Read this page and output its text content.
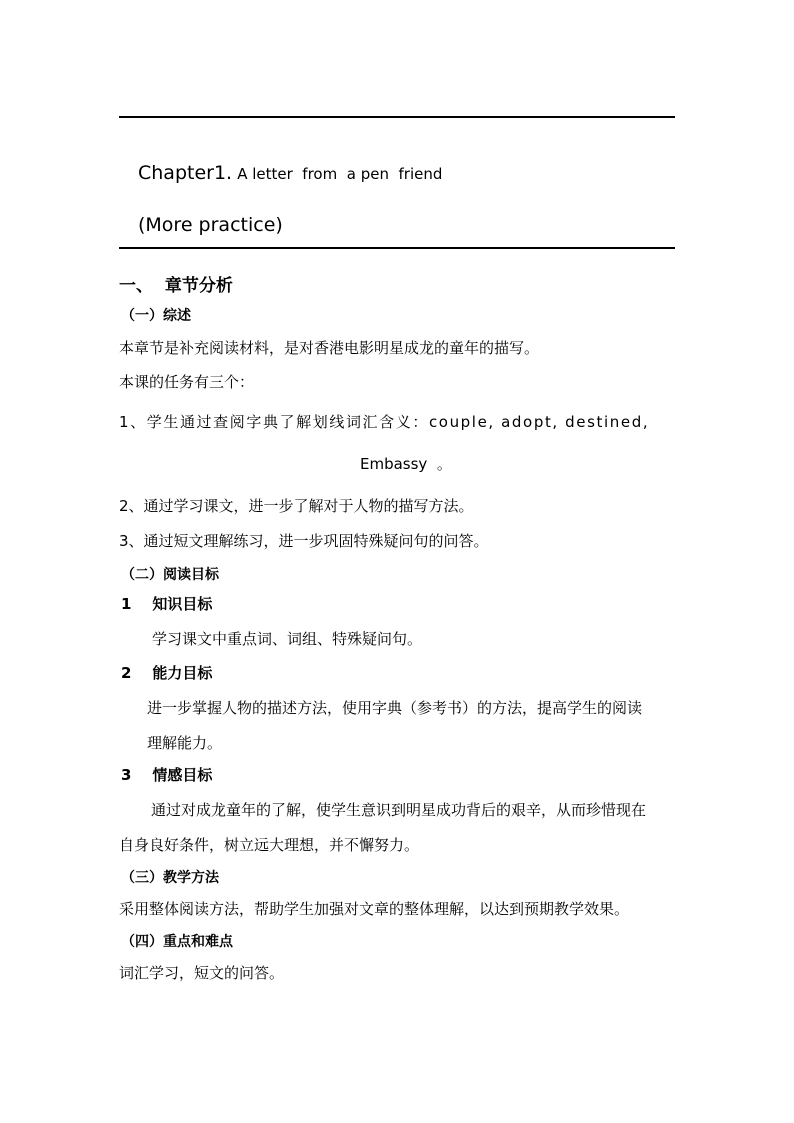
Chapter1. A letter  from  a pen  friend
(More practice)
一、  章节分析
（一）综述
本章节是补充阅读材料，是对香港电影明星成龙的童年的描写。
本课的任务有三个：
1、学生通过查阅字典了解划线词汇含义：couple, adopt, destined,
Embassy  。
2、通过学习课文，进一步了解对于人物的描写方法。
3、通过短文理解练习，进一步巩固特殊疑问句的问答。
（二）阅读目标
1    知识目标
学习课文中重点词、词组、特殊疑问句。
2    能力目标
进一步掌握人物的描述方法，使用字典（参考书）的方法，提高学生的阅读
理解能力。
3    情感目标
通过对成龙童年的了解，使学生意识到明星成功背后的艰辛，从而珍惜现在
自身良好条件，树立远大理想，并不懈努力。
（三）教学方法
采用整体阅读方法，帮助学生加强对文章的整体理解，以达到预期教学效果。
（四）重点和难点
词汇学习，短文的问答。
